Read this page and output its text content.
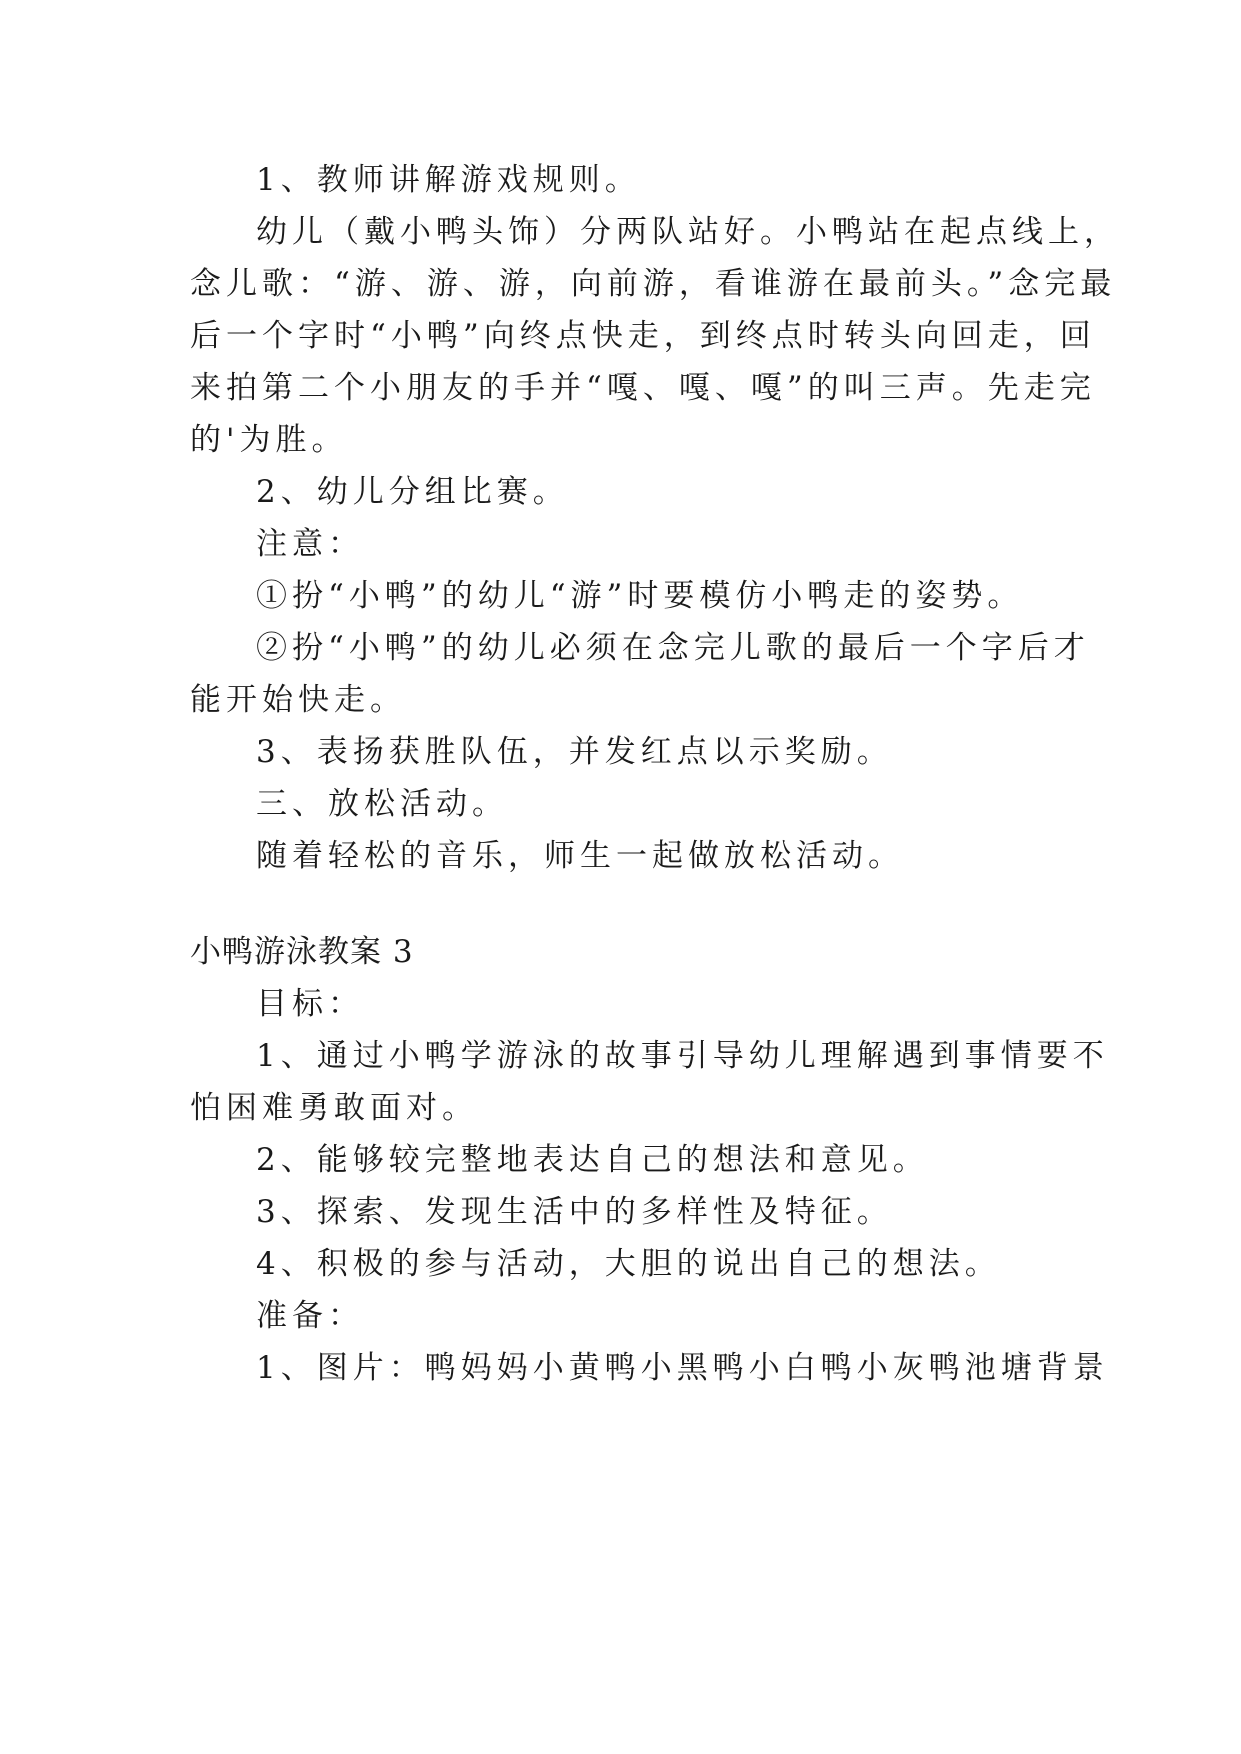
1、教师讲解游戏规则。
幼儿（戴小鸭头饰）分两队站好。小鸭站在起点线上，
念儿歌：“游、游、游，向前游，看谁游在最前头。”念完最
后一个字时“小鸭”向终点快走，到终点时转头向回走，回
来拍第二个小朋友的手并“嘎、嘎、嘎”的叫三声。先走完
的'为胜。
2、幼儿分组比赛。
注意：
①扮“小鸭”的幼儿“游”时要模仿小鸭走的姿势。
②扮“小鸭”的幼儿必须在念完儿歌的最后一个字后才
能开始快走。
3、表扬获胜队伍，并发红点以示奖励。
三、放松活动。
随着轻松的音乐，师生一起做放松活动。
小鸭游泳教案 3
目标：
1、通过小鸭学游泳的故事引导幼儿理解遇到事情要不
怕困难勇敢面对。
2、能够较完整地表达自己的想法和意见。
3、探索、发现生活中的多样性及特征。
4、积极的参与活动，大胆的说出自己的想法。
准备：
1、图片：鸭妈妈小黄鸭小黑鸭小白鸭小灰鸭池塘背景
